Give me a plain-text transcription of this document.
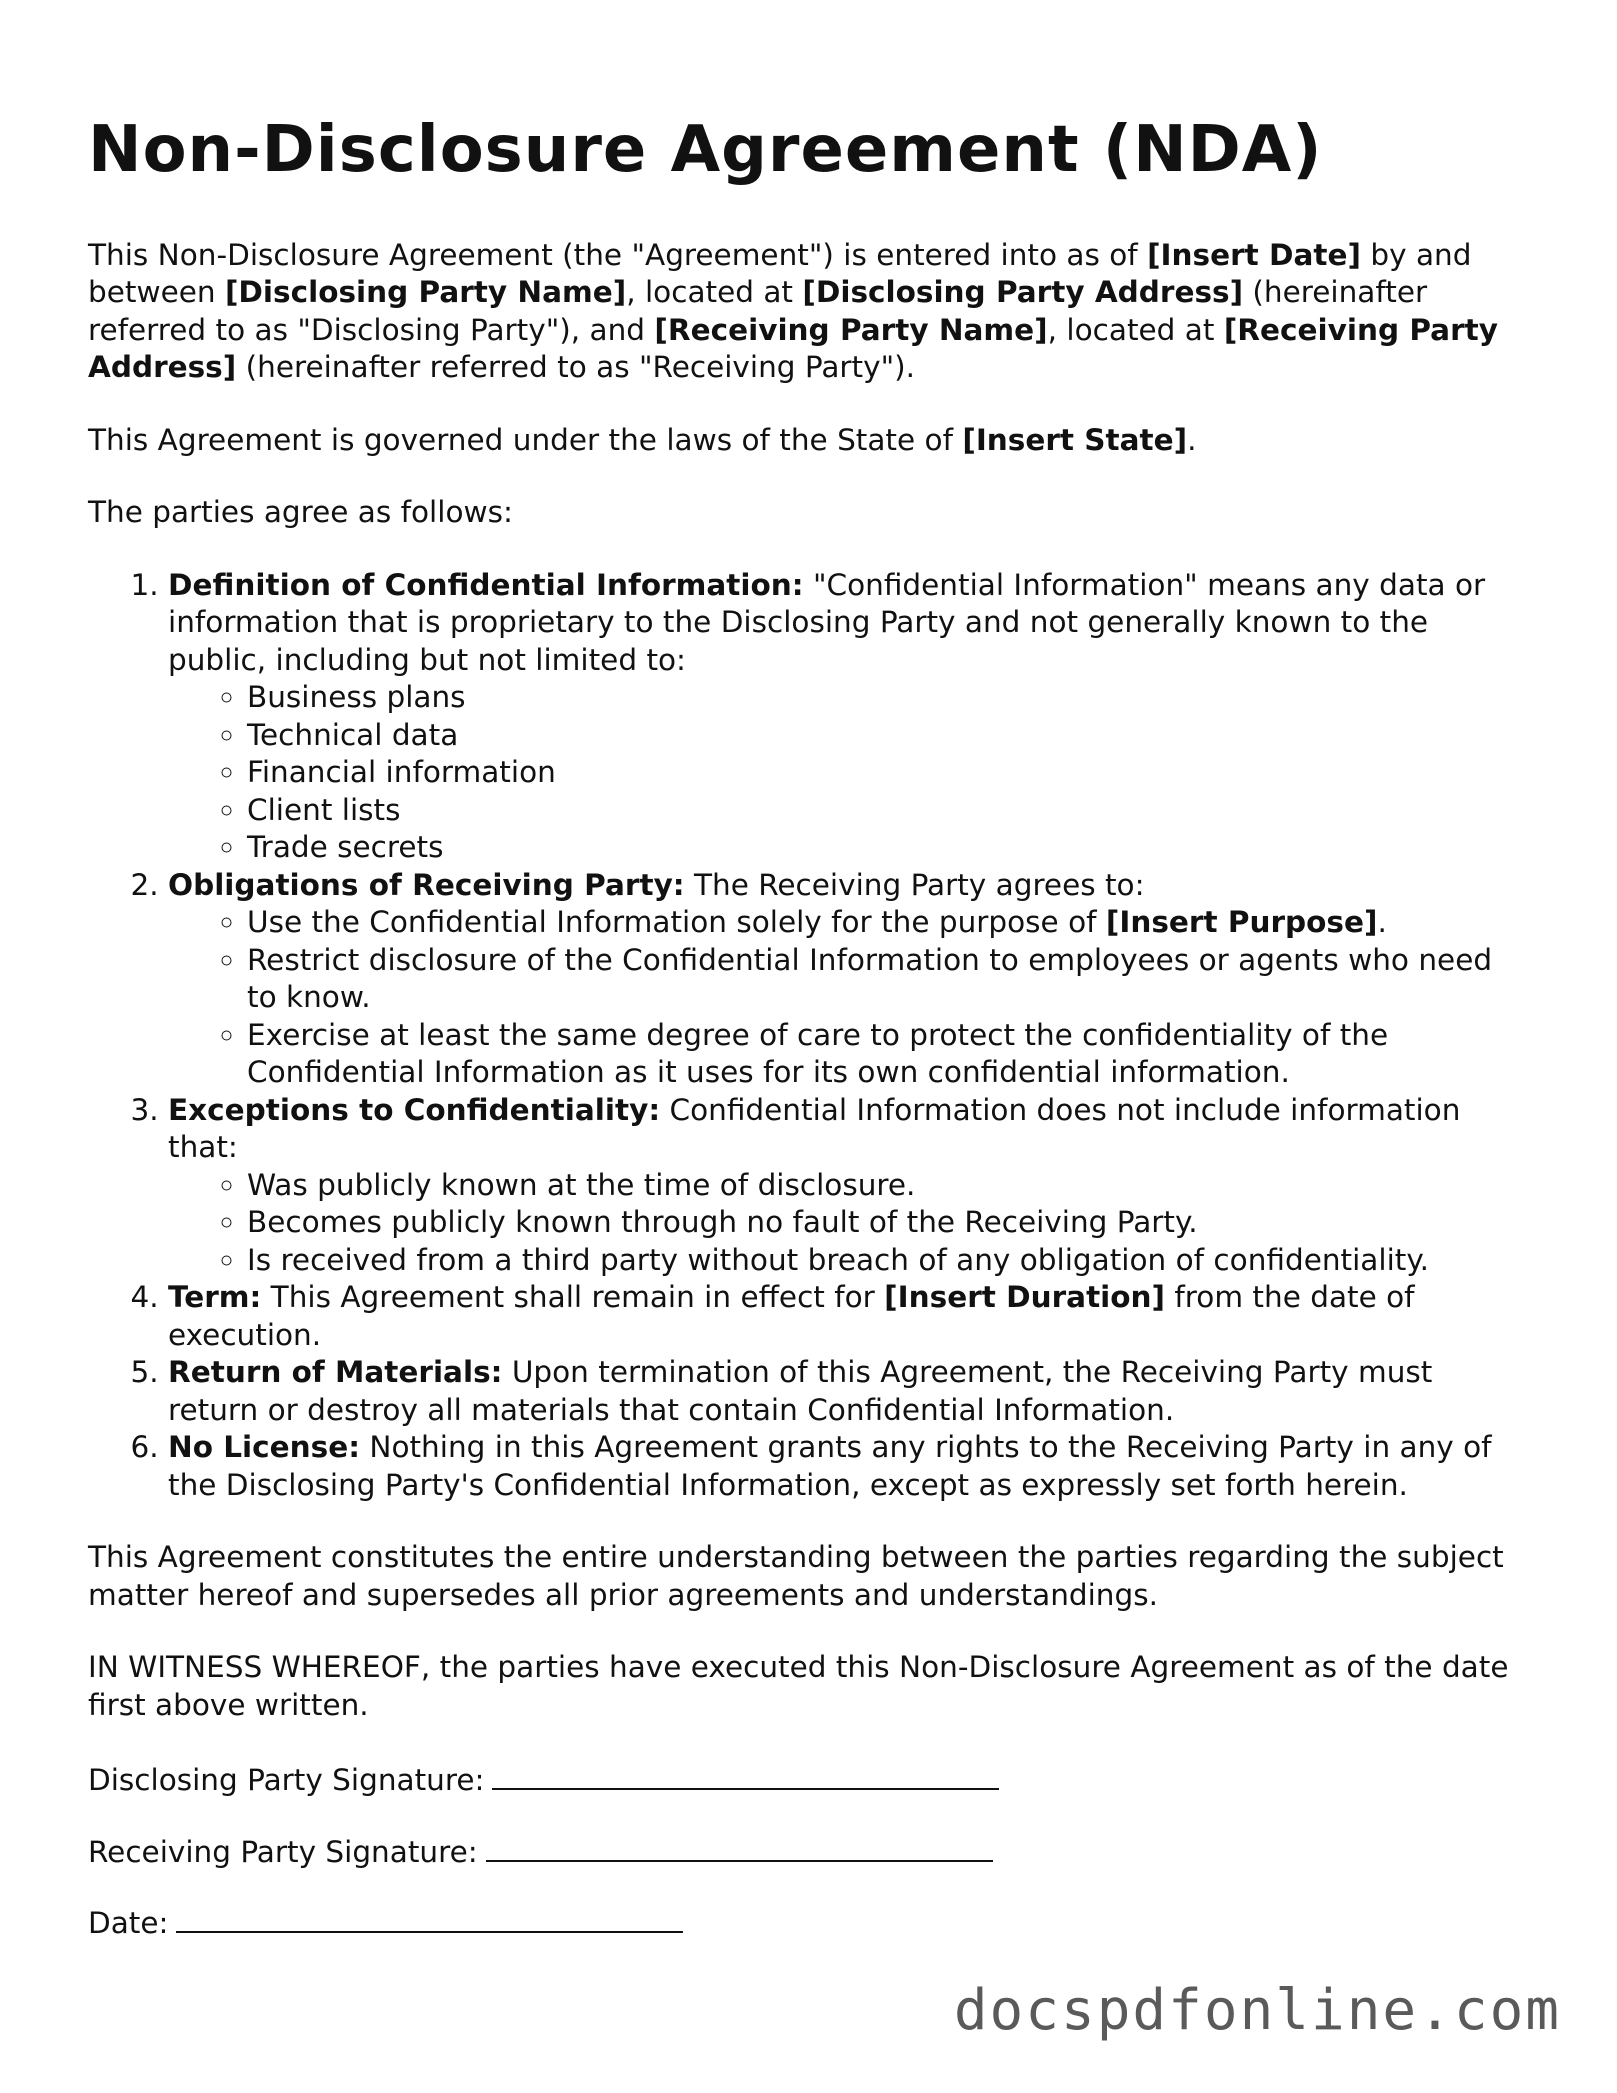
Non-Disclosure Agreement (NDA)

This Non-Disclosure Agreement (the "Agreement") is entered into as of [Insert Date] by and between [Disclosing Party Name], located at [Disclosing Party Address] (hereinafter referred to as "Disclosing Party"), and [Receiving Party Name], located at [Receiving Party Address] (hereinafter referred to as "Receiving Party").

This Agreement is governed under the laws of the State of [Insert State].

The parties agree as follows:

1. Definition of Confidential Information: "Confidential Information" means any data or information that is proprietary to the Disclosing Party and not generally known to the public, including but not limited to:
◦ Business plans
◦ Technical data
◦ Financial information
◦ Client lists
◦ Trade secrets
2. Obligations of Receiving Party: The Receiving Party agrees to:
◦ Use the Confidential Information solely for the purpose of [Insert Purpose].
◦ Restrict disclosure of the Confidential Information to employees or agents who need to know.
◦ Exercise at least the same degree of care to protect the confidentiality of the Confidential Information as it uses for its own confidential information.
3. Exceptions to Confidentiality: Confidential Information does not include information that:
◦ Was publicly known at the time of disclosure.
◦ Becomes publicly known through no fault of the Receiving Party.
◦ Is received from a third party without breach of any obligation of confidentiality.
4. Term: This Agreement shall remain in effect for [Insert Duration] from the date of execution.
5. Return of Materials: Upon termination of this Agreement, the Receiving Party must return or destroy all materials that contain Confidential Information.
6. No License: Nothing in this Agreement grants any rights to the Receiving Party in any of the Disclosing Party's Confidential Information, except as expressly set forth herein.

This Agreement constitutes the entire understanding between the parties regarding the subject matter hereof and supersedes all prior agreements and understandings.

IN WITNESS WHEREOF, the parties have executed this Non-Disclosure Agreement as of the date first above written.

Disclosing Party Signature:

Receiving Party Signature:

Date:

docspdfonline.com
